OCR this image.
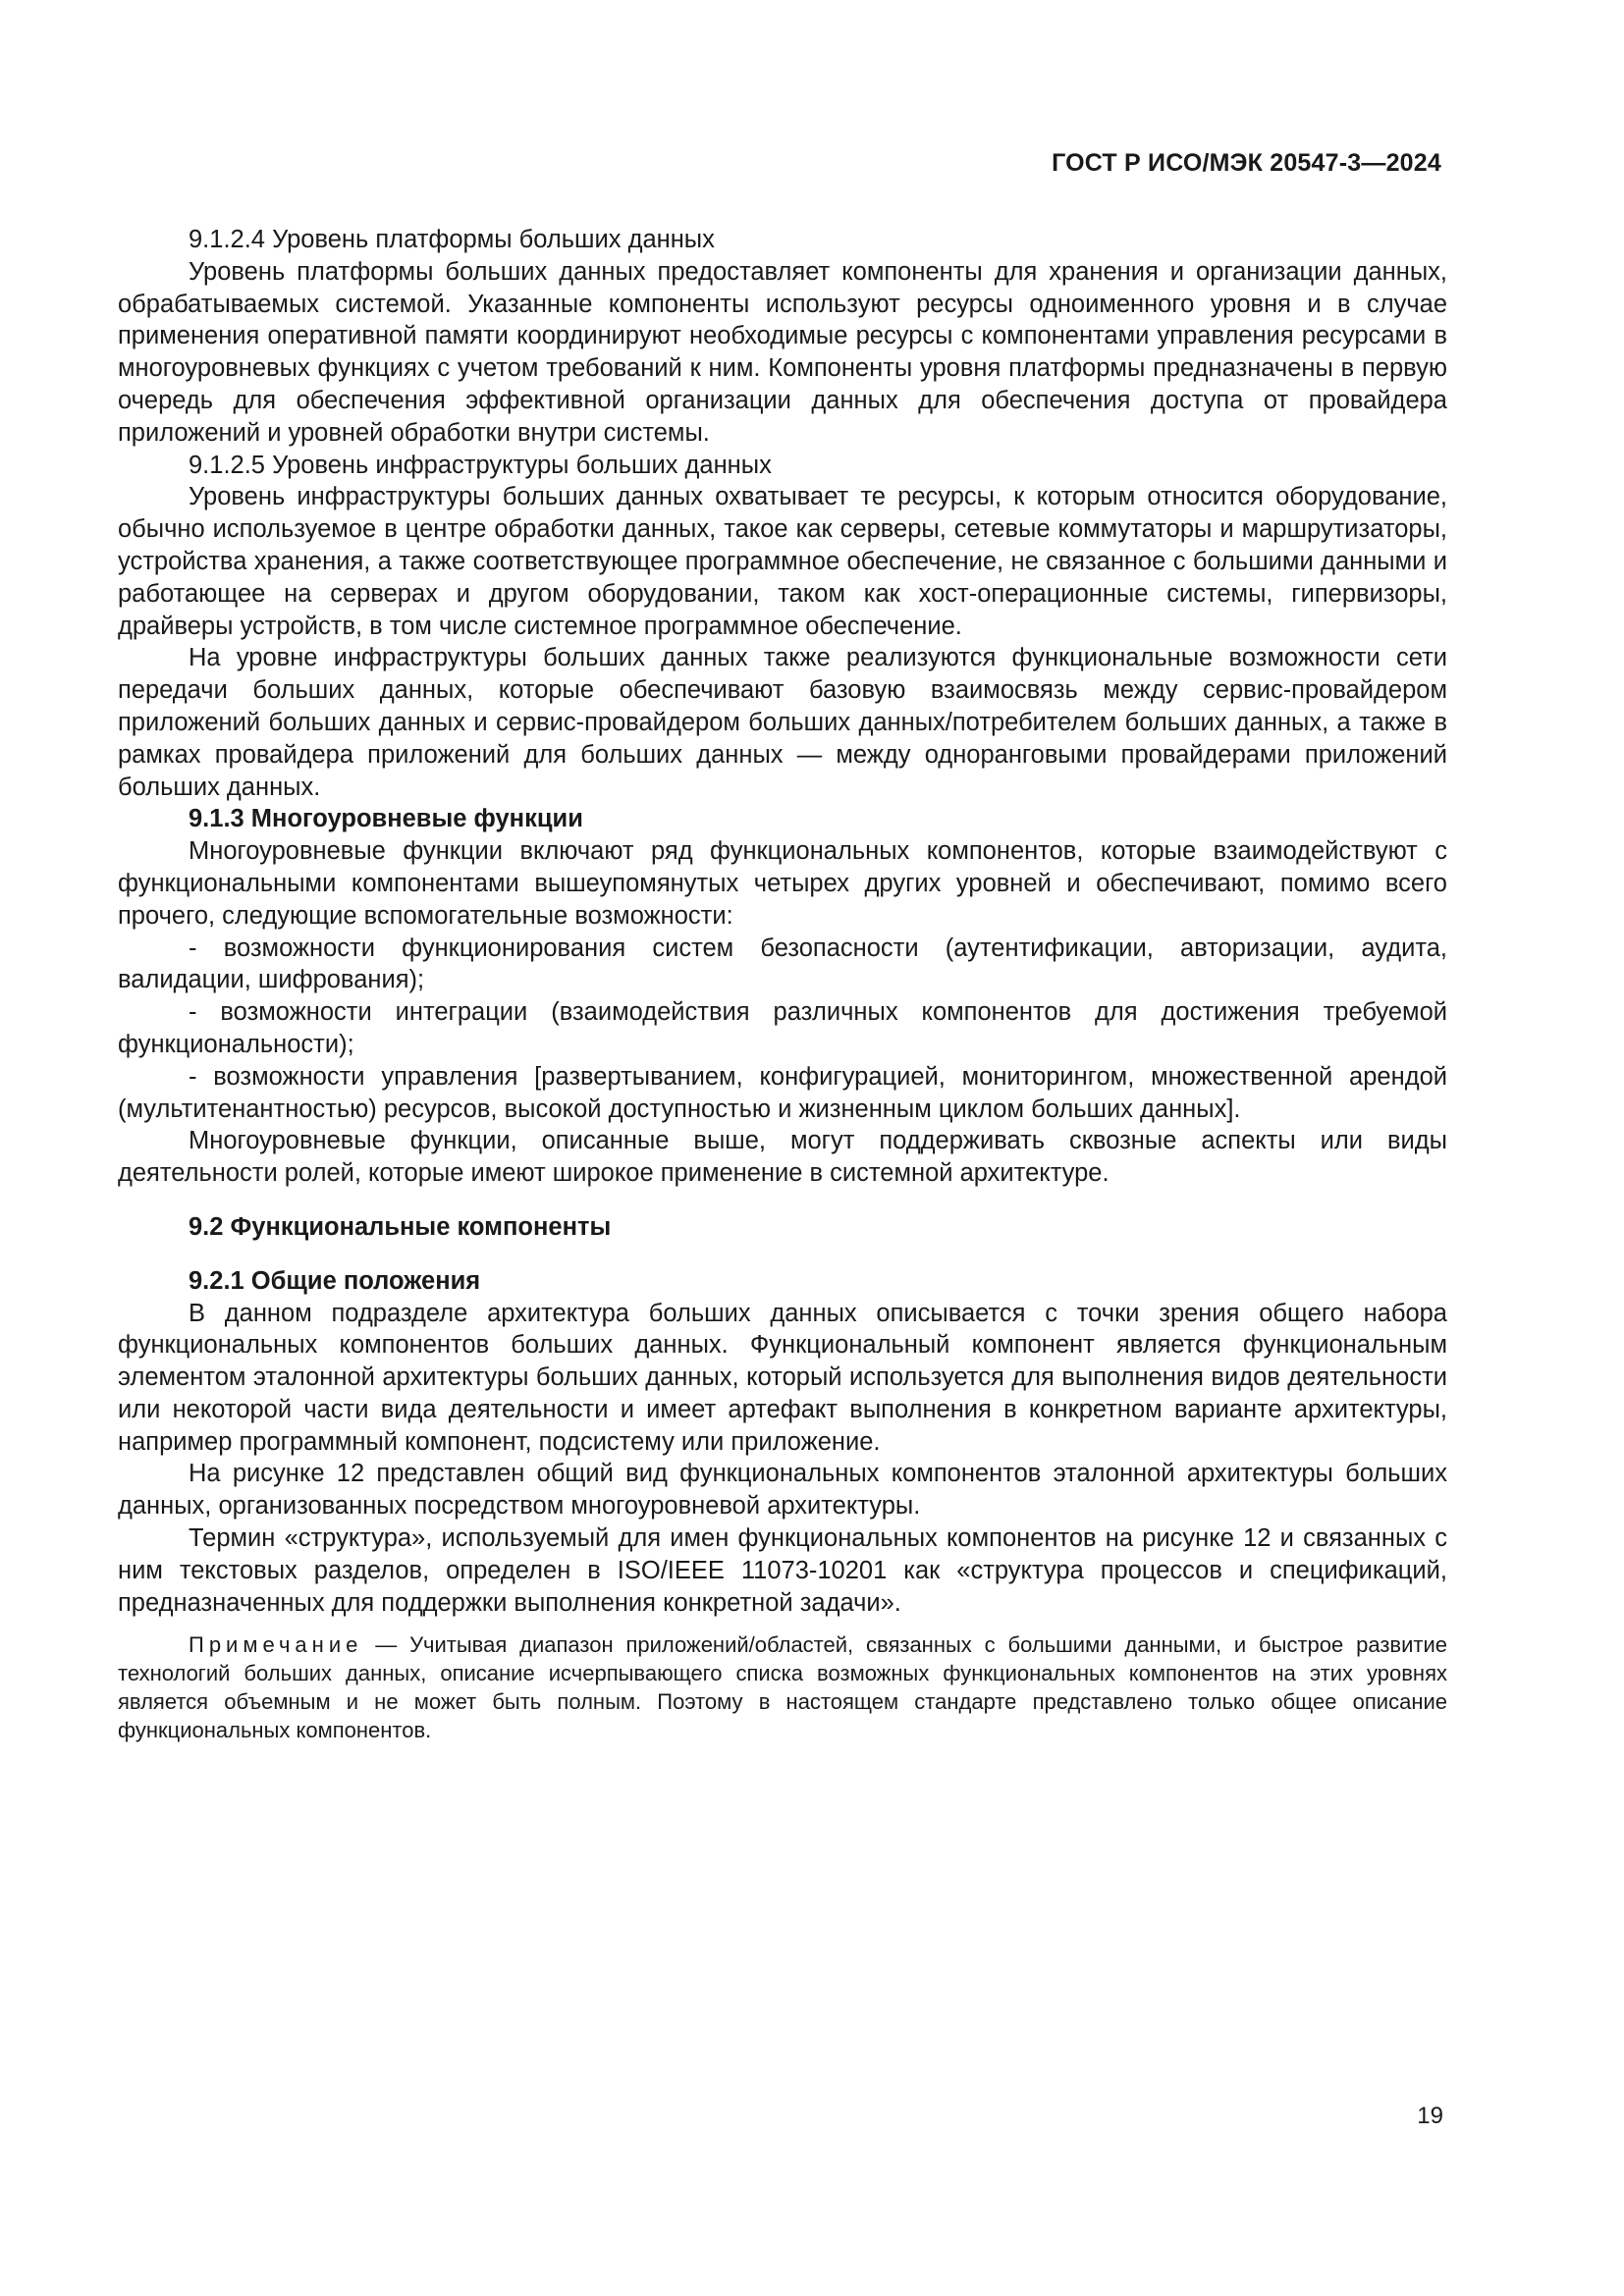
ГОСТ Р ИСО/МЭК 20547-3—2024

9.1.2.4 Уровень платформы больших данных

Уровень платформы больших данных предоставляет компоненты для хранения и организации данных, обрабатываемых системой. Указанные компоненты используют ресурсы одноименного уровня и в случае применения оперативной памяти координируют необходимые ресурсы с компонентами управления ресурсами в многоуровневых функциях с учетом требований к ним. Компоненты уровня платформы предназначены в первую очередь для обеспечения эффективной организации данных для обеспечения доступа от провайдера приложений и уровней обработки внутри системы.

9.1.2.5 Уровень инфраструктуры больших данных

Уровень инфраструктуры больших данных охватывает те ресурсы, к которым относится оборудование, обычно используемое в центре обработки данных, такое как серверы, сетевые коммутаторы и маршрутизаторы, устройства хранения, а также соответствующее программное обеспечение, не связанное с большими данными и работающее на серверах и другом оборудовании, таком как хост-операционные системы, гипервизоры, драйверы устройств, в том числе системное программное обеспечение.

На уровне инфраструктуры больших данных также реализуются функциональные возможности сети передачи больших данных, которые обеспечивают базовую взаимосвязь между сервис-провайдером приложений больших данных и сервис-провайдером больших данных/потребителем больших данных, а также в рамках провайдера приложений для больших данных — между одноранговыми провайдерами приложений больших данных.

9.1.3 Многоуровневые функции

Многоуровневые функции включают ряд функциональных компонентов, которые взаимодействуют с функциональными компонентами вышеупомянутых четырех других уровней и обеспечивают, помимо всего прочего, следующие вспомогательные возможности:

- возможности функционирования систем безопасности (аутентификации, авторизации, аудита, валидации, шифрования);

- возможности интеграции (взаимодействия различных компонентов для достижения требуемой функциональности);

- возможности управления [развертыванием, конфигурацией, мониторингом, множественной арендой (мультитенантностью) ресурсов, высокой доступностью и жизненным циклом больших данных].

Многоуровневые функции, описанные выше, могут поддерживать сквозные аспекты или виды деятельности ролей, которые имеют широкое применение в системной архитектуре.

9.2 Функциональные компоненты

9.2.1 Общие положения

В данном подразделе архитектура больших данных описывается с точки зрения общего набора функциональных компонентов больших данных. Функциональный компонент является функциональным элементом эталонной архитектуры больших данных, который используется для выполнения видов деятельности или некоторой части вида деятельности и имеет артефакт выполнения в конкретном варианте архитектуры, например программный компонент, подсистему или приложение.

На рисунке 12 представлен общий вид функциональных компонентов эталонной архитектуры больших данных, организованных посредством многоуровневой архитектуры.

Термин «структура», используемый для имен функциональных компонентов на рисунке 12 и связанных с ним текстовых разделов, определен в ISO/IEEE 11073-10201 как «структура процессов и спецификаций, предназначенных для поддержки выполнения конкретной задачи».

Примечание — Учитывая диапазон приложений/областей, связанных с большими данными, и быстрое развитие технологий больших данных, описание исчерпывающего списка возможных функциональных компонентов на этих уровнях является объемным и не может быть полным. Поэтому в настоящем стандарте представлено только общее описание функциональных компонентов.

19
